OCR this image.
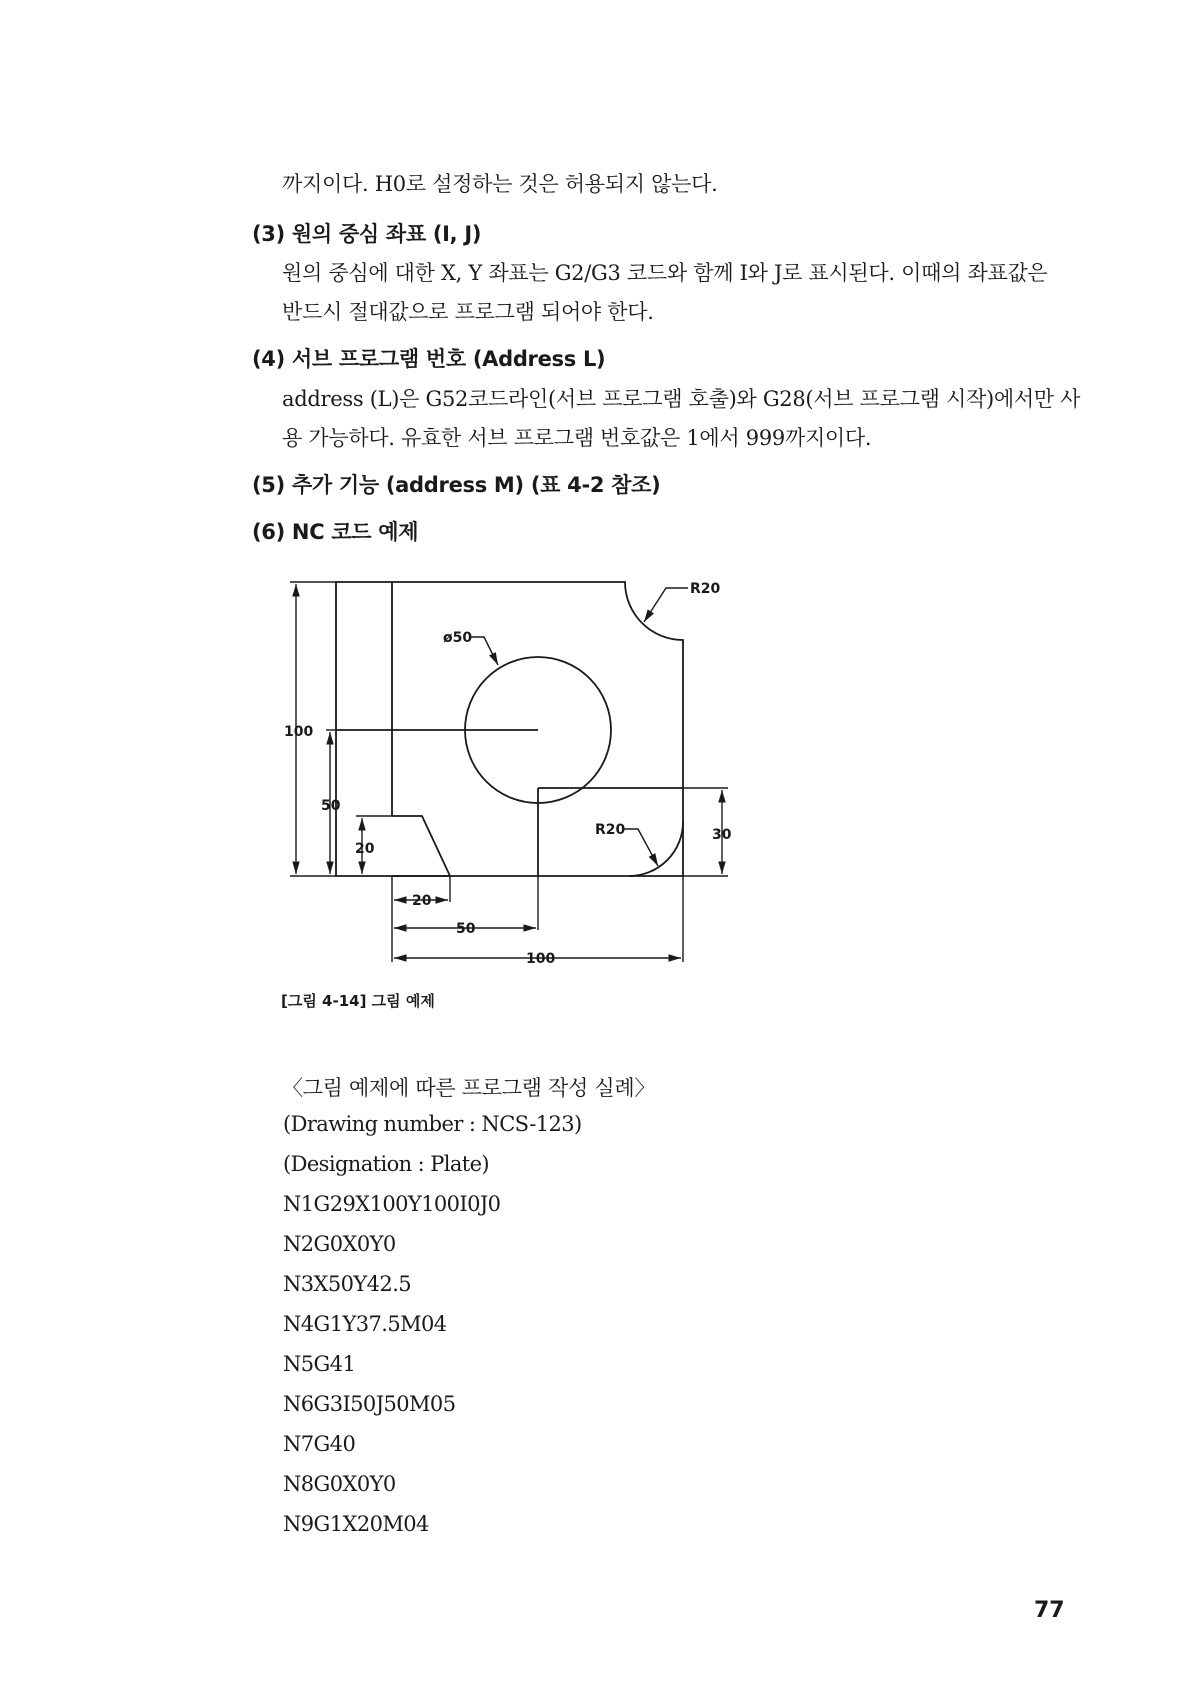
까지이다. H0로 설정하는 것은 허용되지 않는다.
(3) 원의 중심 좌표 (I, J)
원의 중심에 대한 X, Y 좌표는 G2/G3 코드와 함께 I와 J로 표시된다. 이때의 좌표값은
반드시 절대값으로 프로그램 되어야 한다.
(4) 서브 프로그램 번호 (Address L)
address (L)은 G52코드라인(서브 프로그램 호출)와 G28(서브 프로그램 시작)에서만 사
용 가능하다. 유효한 서브 프로그램 번호값은 1에서 999까지이다.
(5) 추가 기능 (address M) (표 4-2 참조)
(6) NC 코드 예제
R20
ø50
100
50
20
R20	30
20
50
100
[그림 4-14] 그림 예제
〈그림 예제에 따른 프로그램 작성 실례〉
(Drawing number : NCS-123)
(Designation : Plate)
N1G29X100Y100I0J0
N2G0X0Y0
N3X50Y42.5
N4G1Y37.5M04
N5G41
N6G3I50J50M05
N7G40
N8G0X0Y0
N9G1X20M04
77
